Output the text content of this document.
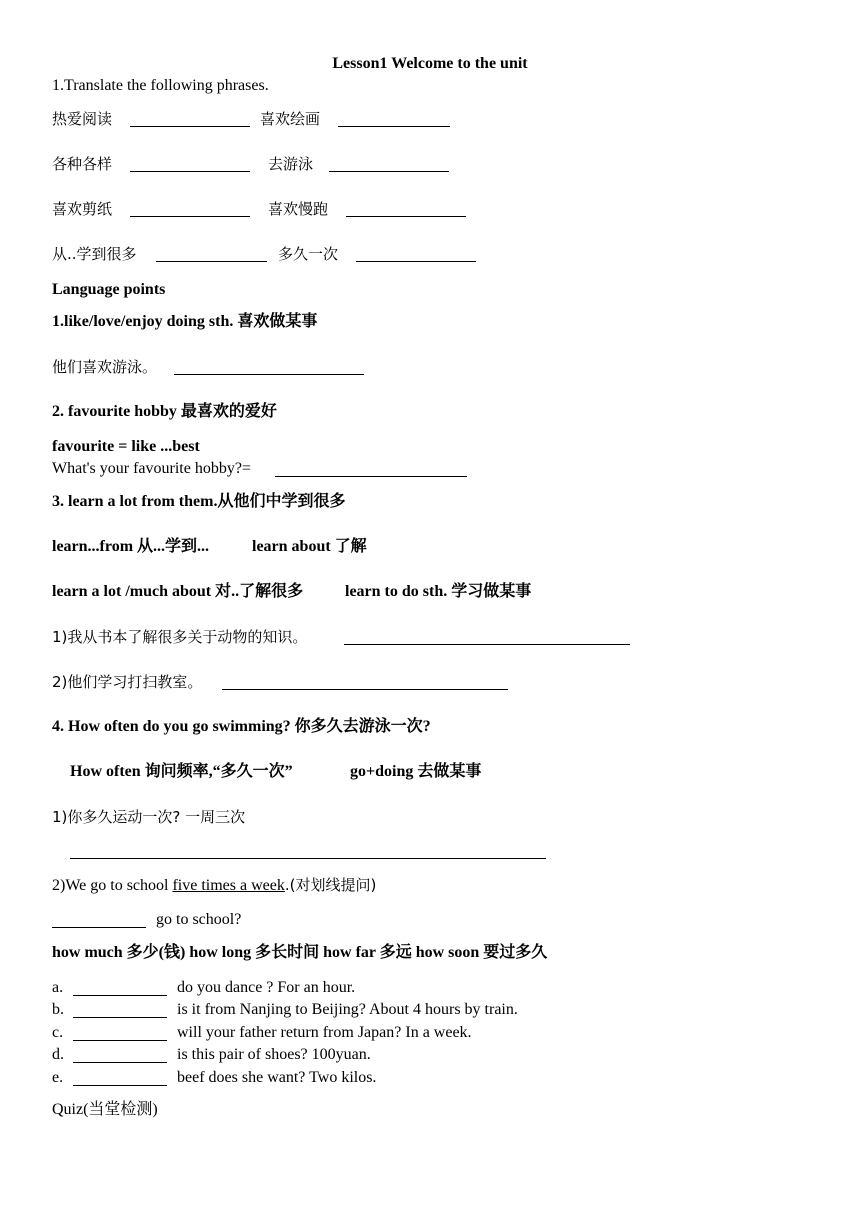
Lesson1 Welcome to the unit
1.Translate the following phrases.
热爱阅读	喜欢绘画
各种各样	去游泳
喜欢剪纸	喜欢慢跑
从..学到很多	多久一次
Language points
1.like/love/enjoy doing sth. 喜欢做某事
他们喜欢游泳。
2. favourite hobby 最喜欢的爱好
favourite = like ...best
What's your favourite hobby?=
3. learn a lot from them.从他们中学到很多
learn...from 从...学到...	learn about 了解
learn a lot /much about 对..了解很多	learn to do sth. 学习做某事
1)我从书本了解很多关于动物的知识。
2)他们学习打扫教室。
4. How often do you go swimming? 你多久去游泳一次?
How often 询问频率,“多久一次”	go+doing 去做某事
1)你多久运动一次? 一周三次
2)We go to school five times a week.(对划线提问)
go to school?
how much 多少(钱) how long 多长时间 how far 多远 how soon 要过多久
a.	do you dance ? For an hour.
b.	is it from Nanjing to Beijing? About 4 hours by train.
c.	will your father return from Japan? In a week.
d.	is this pair of shoes? 100yuan.
e.	beef does she want? Two kilos.
Quiz(当堂检测)
